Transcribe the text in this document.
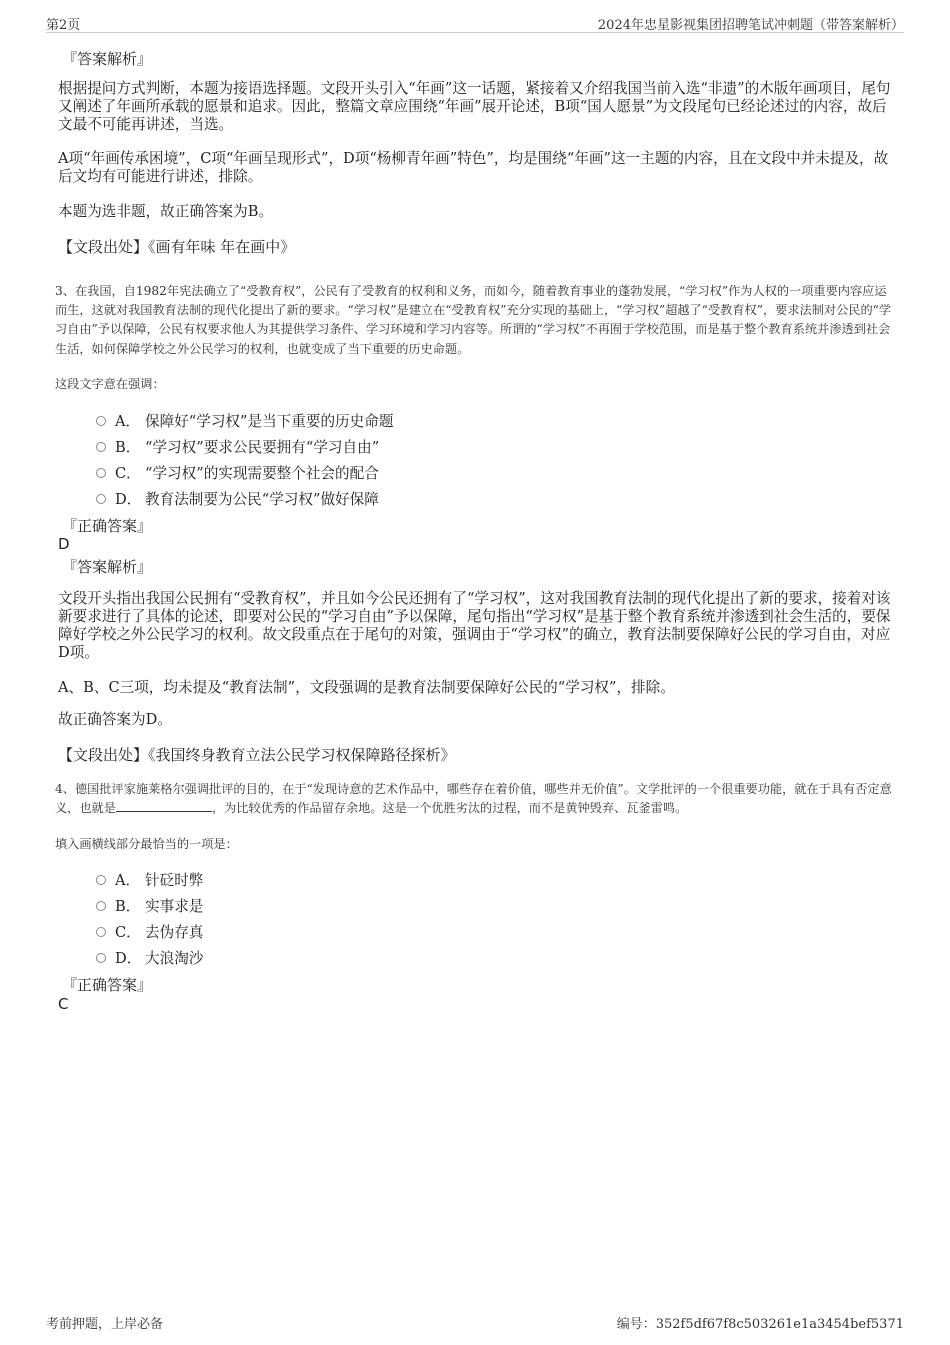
第2页	2024年忠星影视集团招聘笔试冲刺题（带答案解析）
『答案解析』
根据提问方式判断，本题为接语选择题。文段开头引入“年画”这一话题，紧接着又介绍我国当前入选“非遗”的木版年画项目，尾句又阐述了年画所承载的愿景和追求。因此，整篇文章应围绕“年画”展开论述，B项“国人愿景”为文段尾句已经论述过的内容，故后文最不可能再讲述，当选。
A项“年画传承困境”，C项“年画呈现形式”，D项“杨柳青年画”特色”，均是围绕“年画”这一主题的内容，且在文段中并未提及，故后文均有可能进行讲述，排除。
本题为选非题，故正确答案为B。
【文段出处】《画有年味 年在画中》
3、在我国，自1982年宪法确立了“受教育权”，公民有了受教育的权利和义务，而如今，随着教育事业的蓬勃发展，“学习权”作为人权的一项重要内容应运而生，这就对我国教育法制的现代化提出了新的要求。“学习权”是建立在“受教育权”充分实现的基础上，“学习权”超越了“受教育权”，要求法制对公民的“学习自由”予以保障，公民有权要求他人为其提供学习条件、学习环境和学习内容等。所谓的“学习权”不再囿于学校范围，而是基于整个教育系统并渗透到社会生活，如何保障学校之外公民学习的权利，也就变成了当下重要的历史命题。
这段文字意在强调：
A． 保障好“学习权”是当下重要的历史命题
B． “学习权”要求公民要拥有“学习自由”
C． “学习权”的实现需要整个社会的配合
D． 教育法制要为公民“学习权”做好保障
『正确答案』
D
『答案解析』
文段开头指出我国公民拥有“受教育权”，并且如今公民还拥有了“学习权”，这对我国教育法制的现代化提出了新的要求，接着对该新要求进行了具体的论述，即要对公民的“学习自由”予以保障，尾句指出“学习权”是基于整个教育系统并渗透到社会生活的，要保障好学校之外公民学习的权利。故文段重点在于尾句的对策，强调由于“学习权”的确立，教育法制要保障好公民的学习自由，对应D项。
A、B、C三项，均未提及“教育法制”，文段强调的是教育法制要保障好公民的“学习权”，排除。
故正确答案为D。
【文段出处】《我国终身教育立法公民学习权保障路径探析》
4、德国批评家施莱格尔强调批评的目的，在于“发现诗意的艺术作品中，哪些存在着价值，哪些并无价值”。文学批评的一个很重要功能，就在于具有否定意义，也就是	，为比较优秀的作品留存余地。这是一个优胜劣汰的过程，而不是黄钟毁弃、瓦釜雷鸣。
填入画横线部分最恰当的一项是：
A． 针砭时弊
B． 实事求是
C． 去伪存真
D． 大浪淘沙
『正确答案』
C
考前押题，上岸必备	编号：352f5df67f8c503261e1a3454bef5371
